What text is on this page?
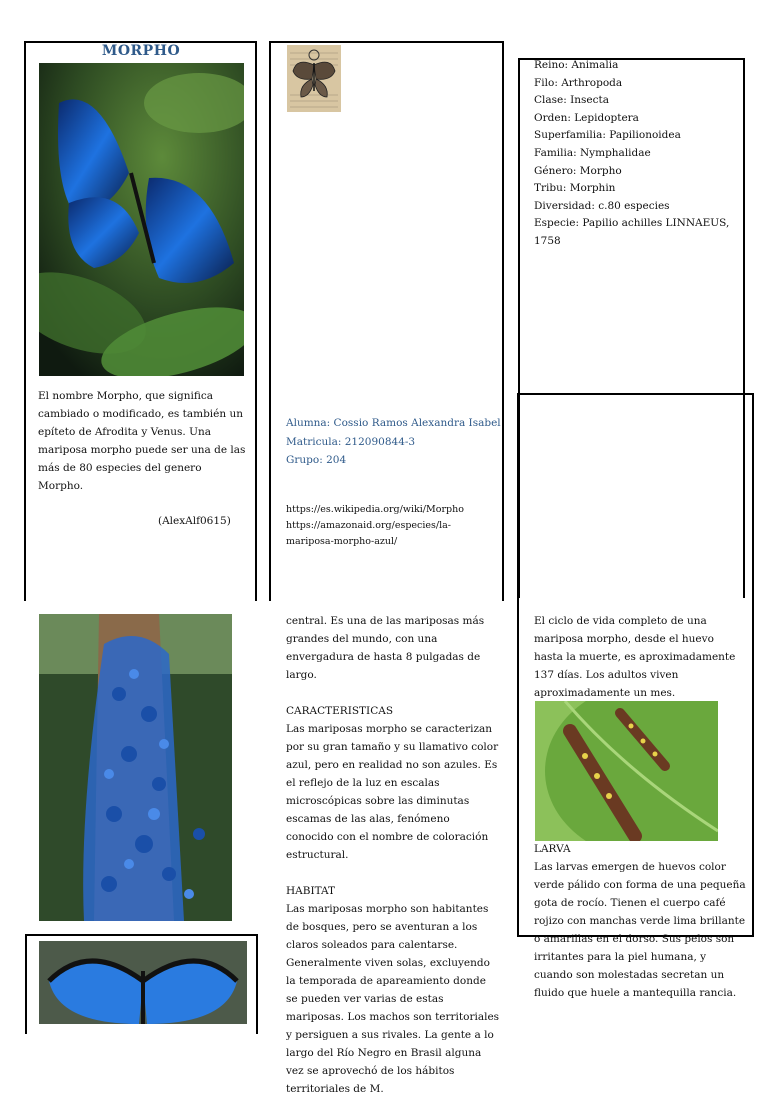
MORPHO
El nombre Morpho, que significa cambiado o modificado, es también un epíteto de Afrodita y Venus. Una mariposa morpho puede ser una de las más de 80 especies del genero Morpho.
(AlexAlf0615)

Alumna: Cossio Ramos Alexandra Isabel

Matricula: 212090844-3

Grupo: 204

https://es.wikipedia.org/wiki/Morpho
https://amazonaid.org/especies/la-mariposa-morpho-azul/

Reino: Animalia

Filo: Arthropoda

Clase: Insecta

Orden: Lepidoptera

Superfamilia: Papilionoidea

Familia: Nymphalidae

Género: Morpho

Tribu: Morphin

Diversidad: c.80 especies

Especie: Papilio achilles LINNAEUS, 1758

central. Es una de las mariposas más grandes del mundo, con una envergadura de hasta 8 pulgadas de largo.

CARACTERISTICAS

Las mariposas morpho se caracterizan por su gran tamaño y su llamativo color azul, pero en realidad no son azules. Es el reflejo de la luz en escalas microscópicas sobre las diminutas escamas de las alas, fenómeno conocido con el nombre de coloración estructural.

HABITAT

Las mariposas morpho son habitantes de bosques, pero se aventuran a los claros soleados para calentarse. Generalmente viven solas, excluyendo la temporada de apareamiento donde se pueden ver varias de estas mariposas. Los machos son territoriales y persiguen a sus rivales. La gente a lo largo del Río Negro en Brasil alguna vez se aprovechó de los hábitos territoriales de M.

El ciclo de vida completo de una mariposa morpho, desde el huevo hasta la muerte, es aproximadamente 137 días. Los adultos viven aproximadamente un mes.

LARVA

Las larvas emergen de huevos color verde pálido con forma de una pequeña gota de rocío. Tienen el cuerpo café rojizo con manchas verde lima brillante o amarillas en el dorso. Sus pelos son irritantes para la piel humana, y cuando son molestadas secretan un fluido que huele a mantequilla rancia.
